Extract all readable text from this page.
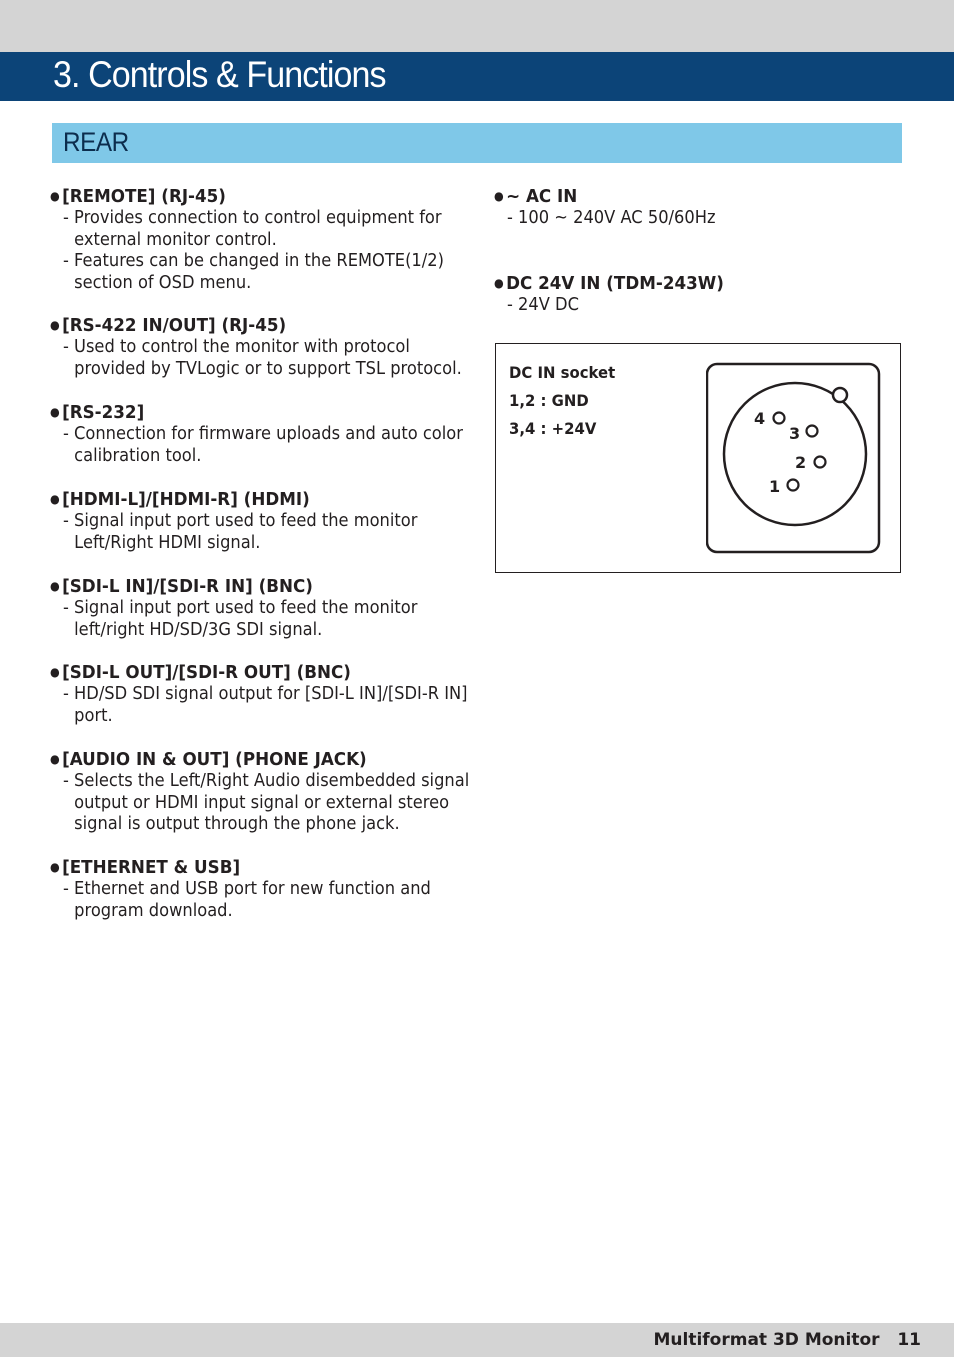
3. Controls & Functions
REAR
● [REMOTE] (RJ-45)
- Provides connection to control equipment for external monitor control.
- Features can be changed in the REMOTE(1/2) section of OSD menu.
● [RS-422 IN/OUT] (RJ-45)
- Used to control the monitor with protocol provided by TVLogic or to support TSL protocol.
● [RS-232]
- Connection for firmware uploads and auto color calibration tool.
● [HDMI-L]/[HDMI-R] (HDMI)
- Signal input port used to feed the monitor Left/Right HDMI signal.
● [SDI-L IN]/[SDI-R IN] (BNC)
- Signal input port used to feed the monitor left/right HD/SD/3G SDI signal.
● [SDI-L OUT]/[SDI-R OUT] (BNC)
- HD/SD SDI signal output for [SDI-L IN]/[SDI-R IN] port.
● [AUDIO IN & OUT] (PHONE JACK)
- Selects the Left/Right Audio disembedded signal output or HDMI input signal or external stereo signal is output through the phone jack.
● [ETHERNET & USB]
- Ethernet and USB port for new function and program download.
● ~ AC IN
- 100 ~ 240V AC 50/60Hz
● DC 24V IN (TDM-243W)
- 24V DC
DC IN socket
1,2 : GND
3,4 : +24V
4
3
2
1
Multiformat 3D Monitor 11
